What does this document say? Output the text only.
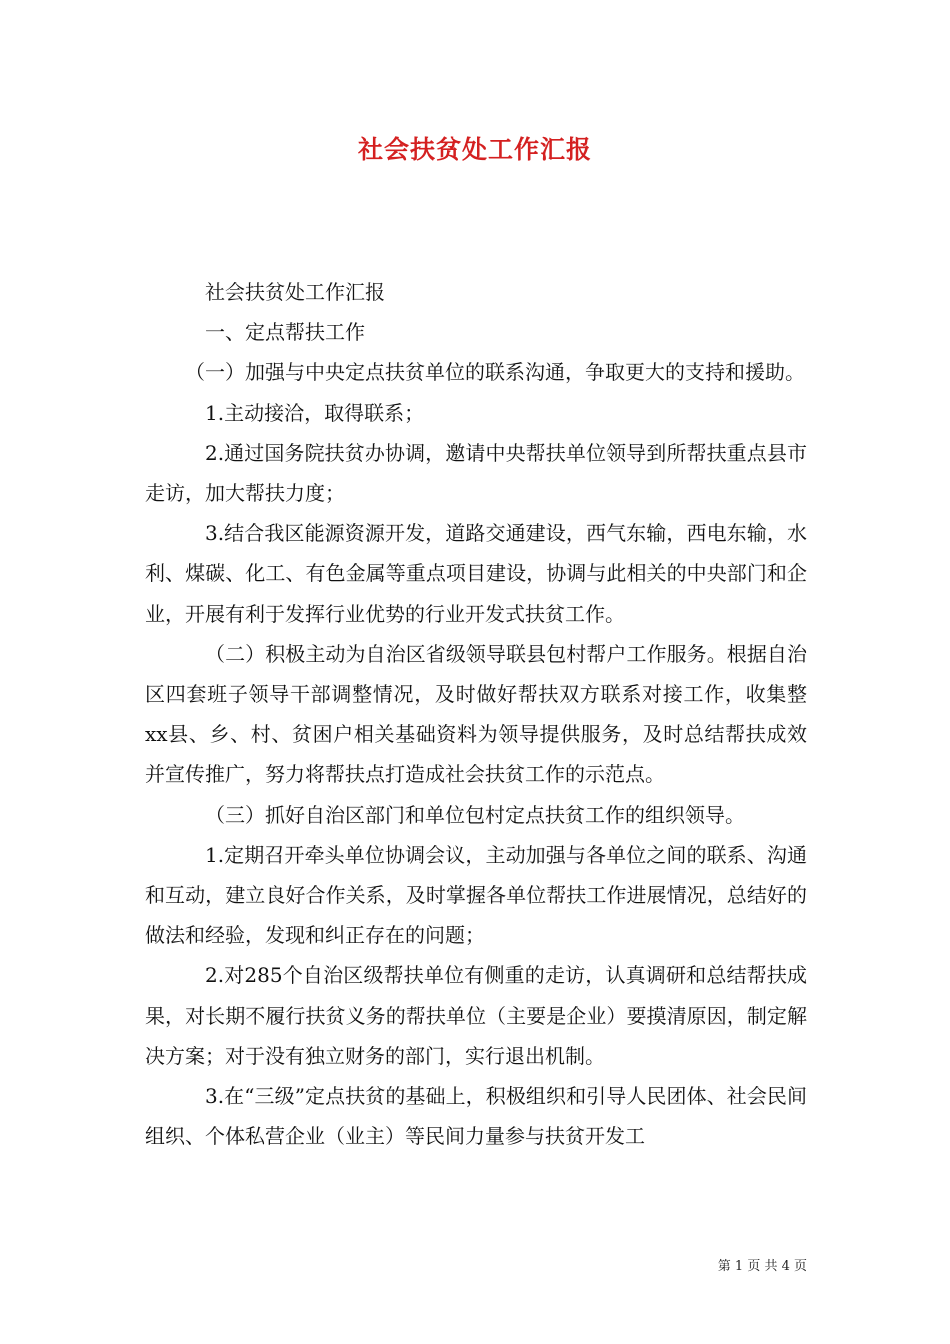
社会扶贫处工作汇报

社会扶贫处工作汇报

一、定点帮扶工作

（一）加强与中央定点扶贫单位的联系沟通，争取更大的支持和援助。

1.主动接洽，取得联系；

2.通过国务院扶贫办协调，邀请中央帮扶单位领导到所帮扶重点县市走访，加大帮扶力度；

3.结合我区能源资源开发，道路交通建设，西气东输，西电东输，水利、煤碳、化工、有色金属等重点项目建设，协调与此相关的中央部门和企业，开展有利于发挥行业优势的行业开发式扶贫工作。

（二）积极主动为自治区省级领导联县包村帮户工作服务。根据自治区四套班子领导干部调整情况，及时做好帮扶双方联系对接工作，收集整xx县、乡、村、贫困户相关基础资料为领导提供服务，及时总结帮扶成效并宣传推广，努力将帮扶点打造成社会扶贫工作的示范点。

（三）抓好自治区部门和单位包村定点扶贫工作的组织领导。

1.定期召开牵头单位协调会议，主动加强与各单位之间的联系、沟通和互动，建立良好合作关系，及时掌握各单位帮扶工作进展情况，总结好的做法和经验，发现和纠正存在的问题；

2.对285个自治区级帮扶单位有侧重的走访，认真调研和总结帮扶成果，对长期不履行扶贫义务的帮扶单位（主要是企业）要摸清原因，制定解决方案；对于没有独立财务的部门，实行退出机制。

3.在“三级”定点扶贫的基础上，积极组织和引导人民团体、社会民间组织、个体私营企业（业主）等民间力量参与扶贫开发工

第 1 页 共 4 页
